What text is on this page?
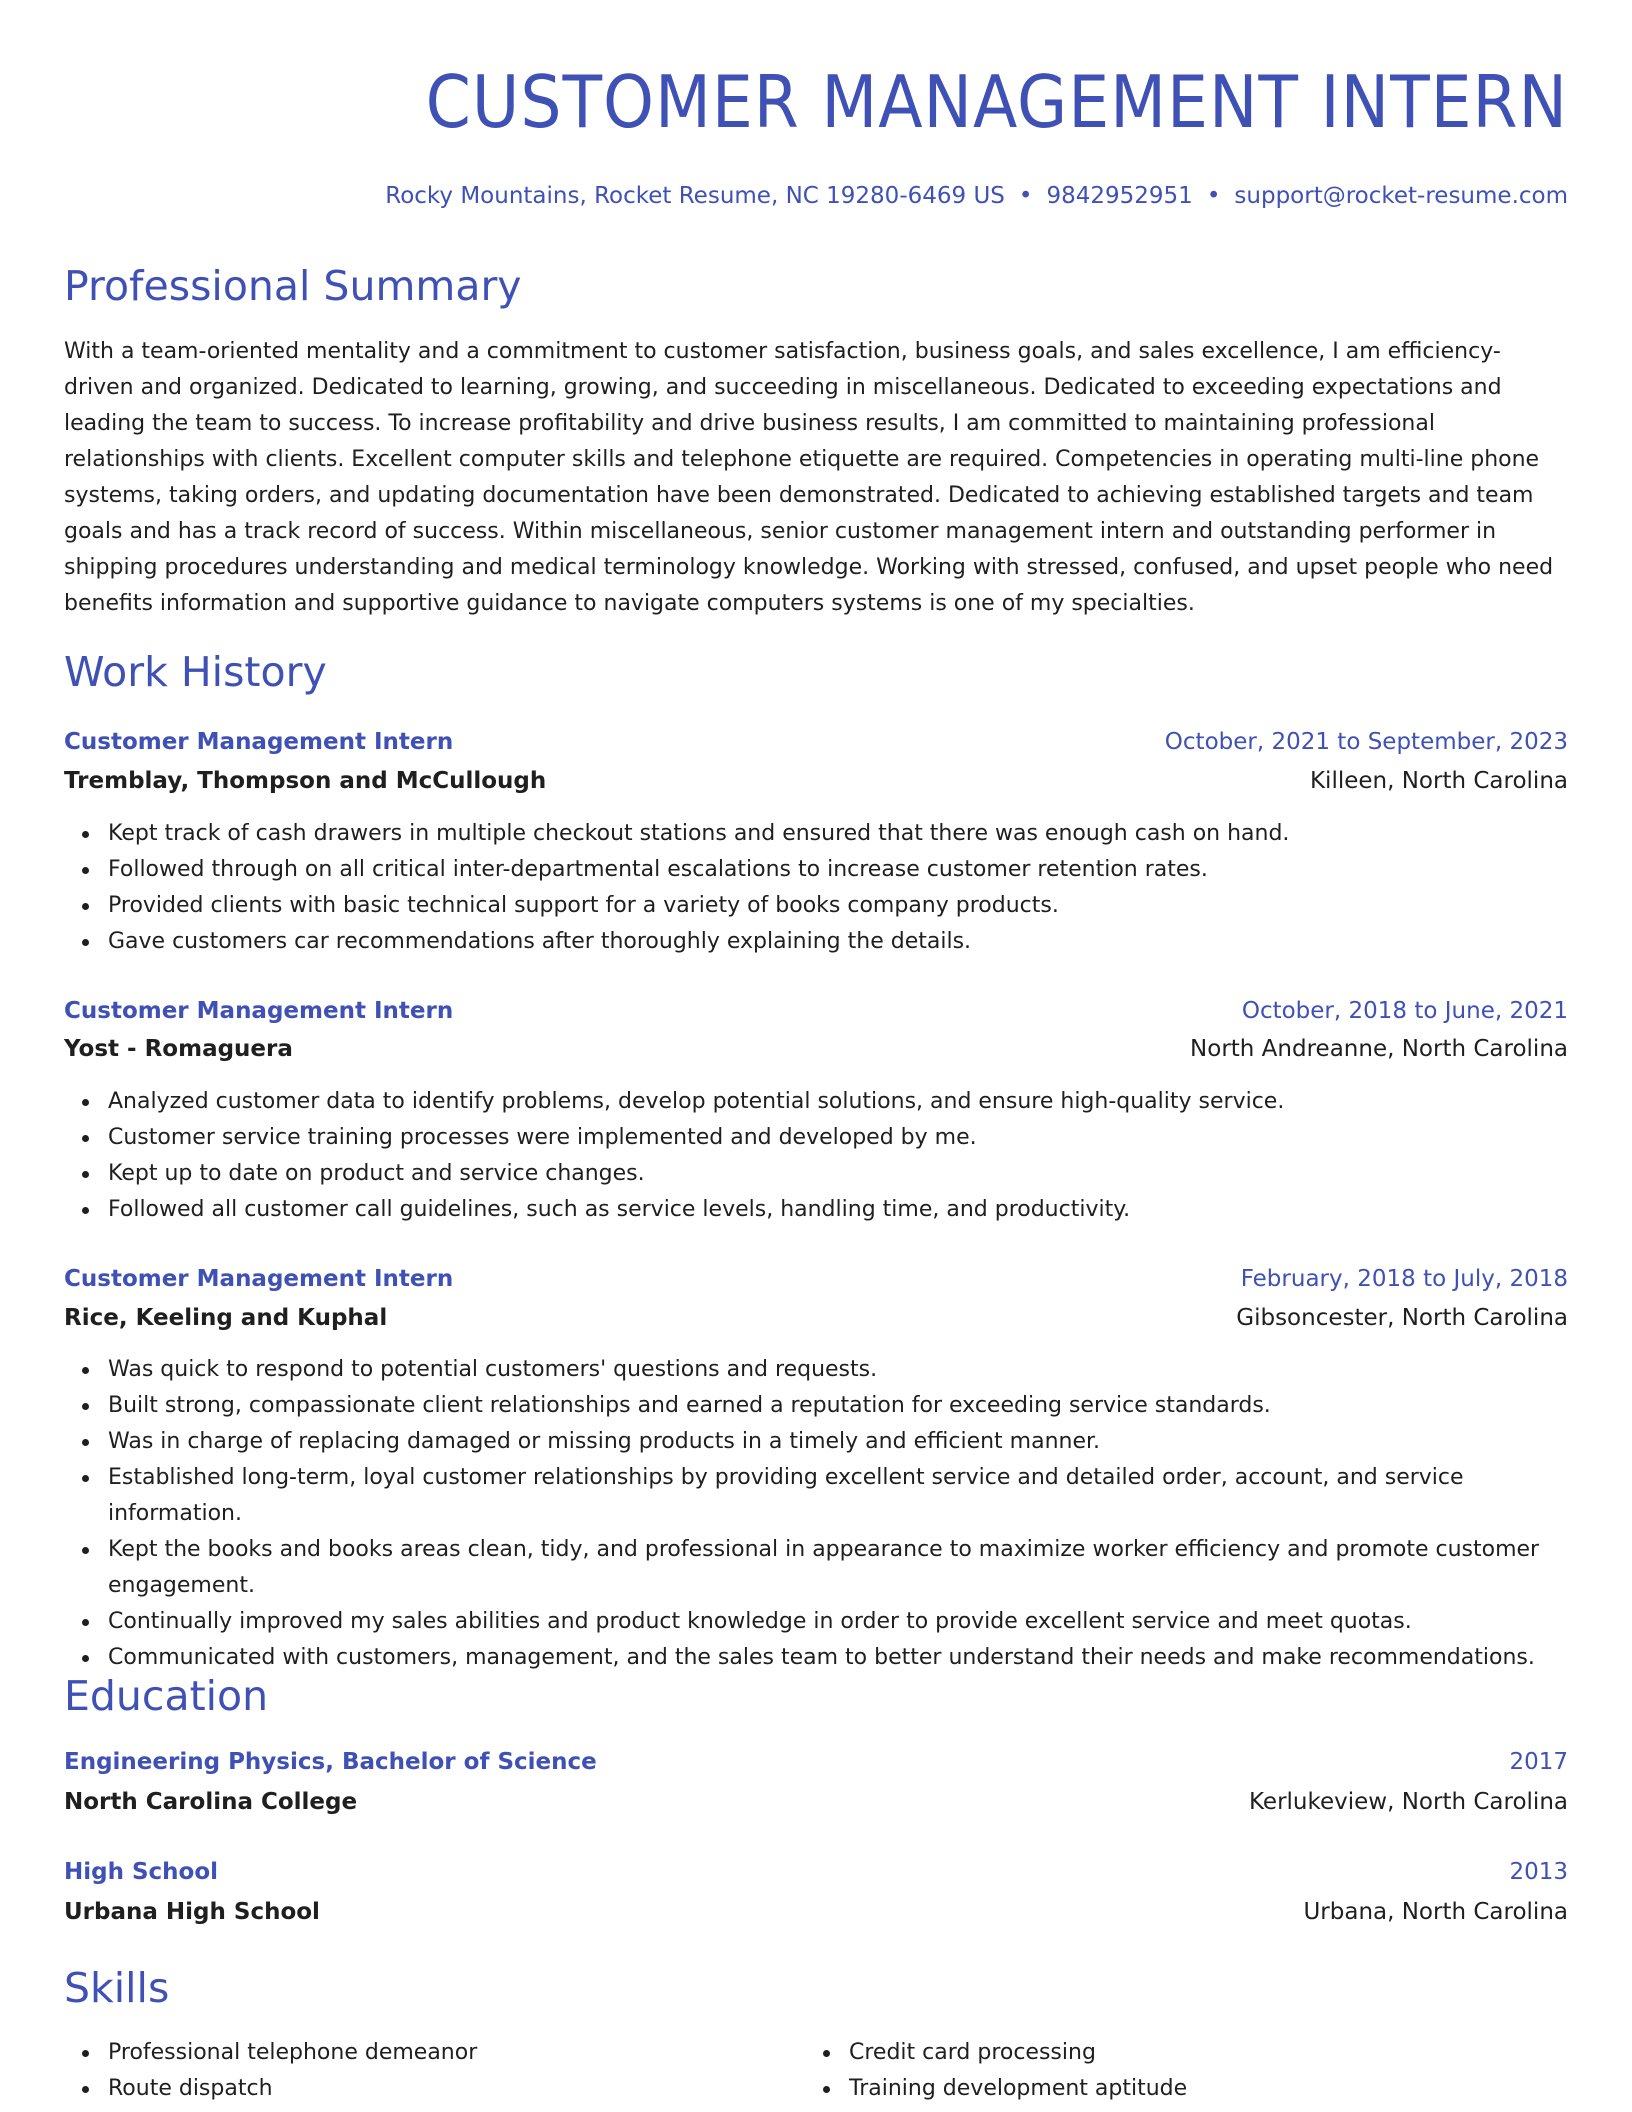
CUSTOMER MANAGEMENT INTERN
Rocky Mountains, Rocket Resume, NC 19280-6469 US • 9842952951 • support@rocket-resume.com
Professional Summary
With a team-oriented mentality and a commitment to customer satisfaction, business goals, and sales excellence, I am efficiency-driven and organized. Dedicated to learning, growing, and succeeding in miscellaneous. Dedicated to exceeding expectations and leading the team to success. To increase profitability and drive business results, I am committed to maintaining professional relationships with clients. Excellent computer skills and telephone etiquette are required. Competencies in operating multi-line phone systems, taking orders, and updating documentation have been demonstrated. Dedicated to achieving established targets and team goals and has a track record of success. Within miscellaneous, senior customer management intern and outstanding performer in shipping procedures understanding and medical terminology knowledge. Working with stressed, confused, and upset people who need benefits information and supportive guidance to navigate computers systems is one of my specialties.
Work History
Customer Management Intern	October, 2021 to September, 2023
Tremblay, Thompson and McCullough	Killeen, North Carolina
Kept track of cash drawers in multiple checkout stations and ensured that there was enough cash on hand.
Followed through on all critical inter-departmental escalations to increase customer retention rates.
Provided clients with basic technical support for a variety of books company products.
Gave customers car recommendations after thoroughly explaining the details.
Customer Management Intern	October, 2018 to June, 2021
Yost - Romaguera	North Andreanne, North Carolina
Analyzed customer data to identify problems, develop potential solutions, and ensure high-quality service.
Customer service training processes were implemented and developed by me.
Kept up to date on product and service changes.
Followed all customer call guidelines, such as service levels, handling time, and productivity.
Customer Management Intern	February, 2018 to July, 2018
Rice, Keeling and Kuphal	Gibsoncester, North Carolina
Was quick to respond to potential customers' questions and requests.
Built strong, compassionate client relationships and earned a reputation for exceeding service standards.
Was in charge of replacing damaged or missing products in a timely and efficient manner.
Established long-term, loyal customer relationships by providing excellent service and detailed order, account, and service information.
Kept the books and books areas clean, tidy, and professional in appearance to maximize worker efficiency and promote customer engagement.
Continually improved my sales abilities and product knowledge in order to provide excellent service and meet quotas.
Communicated with customers, management, and the sales team to better understand their needs and make recommendations.
Education
Engineering Physics, Bachelor of Science	2017
North Carolina College	Kerlukeview, North Carolina
High School	2013
Urbana High School	Urbana, North Carolina
Skills
Professional telephone demeanor
Route dispatch
Credit card processing
Training development aptitude
